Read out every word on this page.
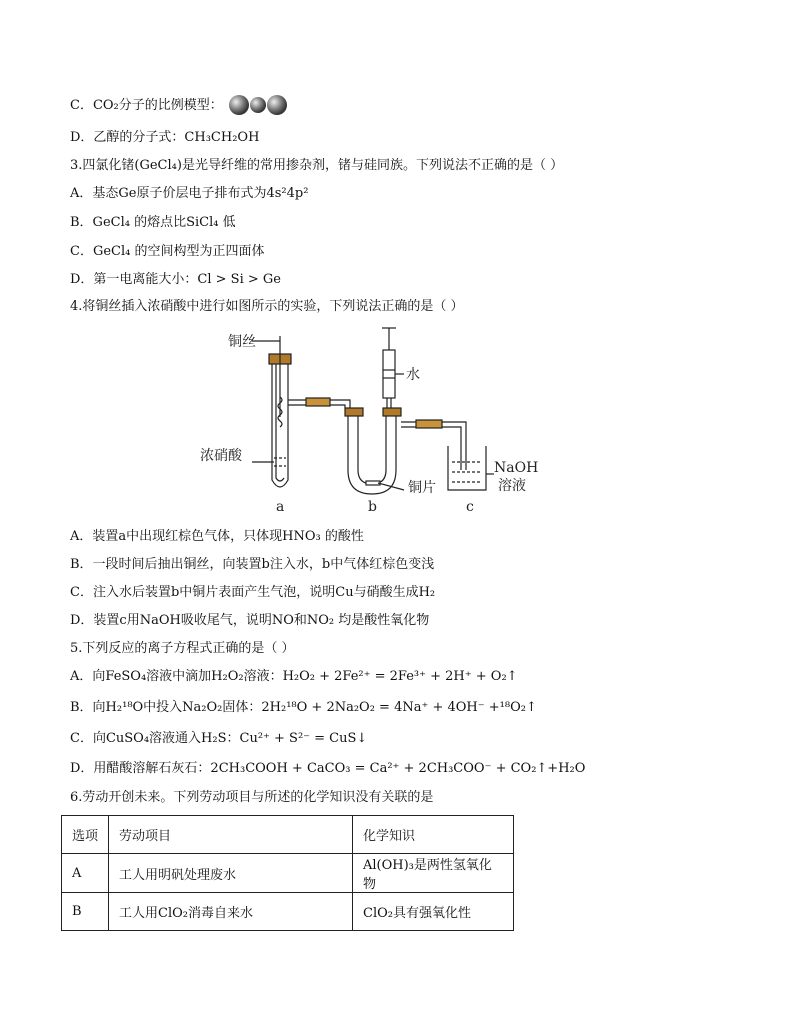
C．CO₂分子的比例模型：
D．乙醇的分子式：CH₃CH₂OH
3.四氯化锗(GeCl₄)是光导纤维的常用掺杂剂，锗与硅同族。下列说法不正确的是（ ）
A．基态Ge原子价层电子排布式为4s²4p²
B．GeCl₄ 的熔点比SiCl₄ 低
C．GeCl₄ 的空间构型为正四面体
D．第一电离能大小：Cl > Si > Ge
4.将铜丝插入浓硝酸中进行如图所示的实验，下列说法正确的是（ ）
铜丝
水
浓硝酸
铜片
NaOH
溶液
a	b	c
A．装置a中出现红棕色气体，只体现HNO₃ 的酸性
B．一段时间后抽出铜丝，向装置b注入水，b中气体红棕色变浅
C．注入水后装置b中铜片表面产生气泡，说明Cu与硝酸生成H₂
D．装置c用NaOH吸收尾气，说明NO和NO₂ 均是酸性氧化物
5.下列反应的离子方程式正确的是（ ）
A．向FeSO₄溶液中滴加H₂O₂溶液：H₂O₂ + 2Fe²⁺ = 2Fe³⁺ + 2H⁺ + O₂↑
B．向H₂¹⁸O中投入Na₂O₂固体：2H₂¹⁸O + 2Na₂O₂ = 4Na⁺ + 4OH⁻ +¹⁸O₂↑
C．向CuSO₄溶液通入H₂S：Cu²⁺ + S²⁻ = CuS↓
D．用醋酸溶解石灰石：2CH₃COOH + CaCO₃ = Ca²⁺ + 2CH₃COO⁻ + CO₂↑+H₂O
6.劳动开创未来。下列劳动项目与所述的化学知识没有关联的是
选项	劳动项目	化学知识
A	工人用明矾处理废水	Al(OH)₃是两性氢氧化物
B	工人用ClO₂消毒自来水	ClO₂具有强氧化性
